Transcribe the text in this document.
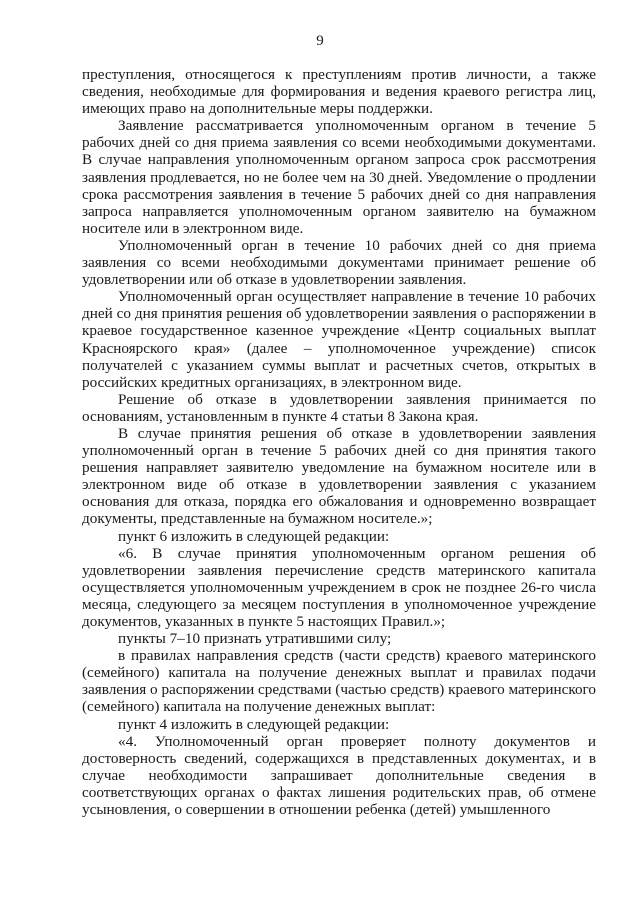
9

преступления, относящегося к преступлениям против личности, а также сведения, необходимые для формирования и ведения краевого регистра лиц, имеющих право на дополнительные меры поддержки.

Заявление рассматривается уполномоченным органом в течение 5 рабочих дней со дня приема заявления со всеми необходимыми документами. В случае направления уполномоченным органом запроса срок рассмотрения заявления продлевается, но не более чем на 30 дней. Уведомление о продлении срока рассмотрения заявления в течение 5 рабочих дней со дня направления запроса направляется уполномоченным органом заявителю на бумажном носителе или в электронном виде.

Уполномоченный орган в течение 10 рабочих дней со дня приема заявления со всеми необходимыми документами принимает решение об удовлетворении или об отказе в удовлетворении заявления.

Уполномоченный орган осуществляет направление в течение 10 рабочих дней со дня принятия решения об удовлетворении заявления о распоряжении в краевое государственное казенное учреждение «Центр социальных выплат Красноярского края» (далее – уполномоченное учреждение) список получателей с указанием суммы выплат и расчетных счетов, открытых в российских кредитных организациях, в электронном виде.

Решение об отказе в удовлетворении заявления принимается по основаниям, установленным в пункте 4 статьи 8 Закона края.

В случае принятия решения об отказе в удовлетворении заявления уполномоченный орган в течение 5 рабочих дней со дня принятия такого решения направляет заявителю уведомление на бумажном носителе или в электронном виде об отказе в удовлетворении заявления с указанием основания для отказа, порядка его обжалования и одновременно возвращает документы, представленные на бумажном носителе.»;

пункт 6 изложить в следующей редакции:

«6. В случае принятия уполномоченным органом решения об удовлетворении заявления перечисление средств материнского капитала осуществляется уполномоченным учреждением в срок не позднее 26-го числа месяца, следующего за месяцем поступления в уполномоченное учреждение документов, указанных в пункте 5 настоящих Правил.»;

пункты 7–10 признать утратившими силу;

в правилах направления средств (части средств) краевого материнского (семейного) капитала на получение денежных выплат и правилах подачи заявления о распоряжении средствами (частью средств) краевого материнского (семейного) капитала на получение денежных выплат:

пункт 4 изложить в следующей редакции:

«4. Уполномоченный орган проверяет полноту документов и достоверность сведений, содержащихся в представленных документах, и в случае необходимости запрашивает дополнительные сведения в соответствующих органах о фактах лишения родительских прав, об отмене усыновления, о совершении в отношении ребенка (детей) умышленного
